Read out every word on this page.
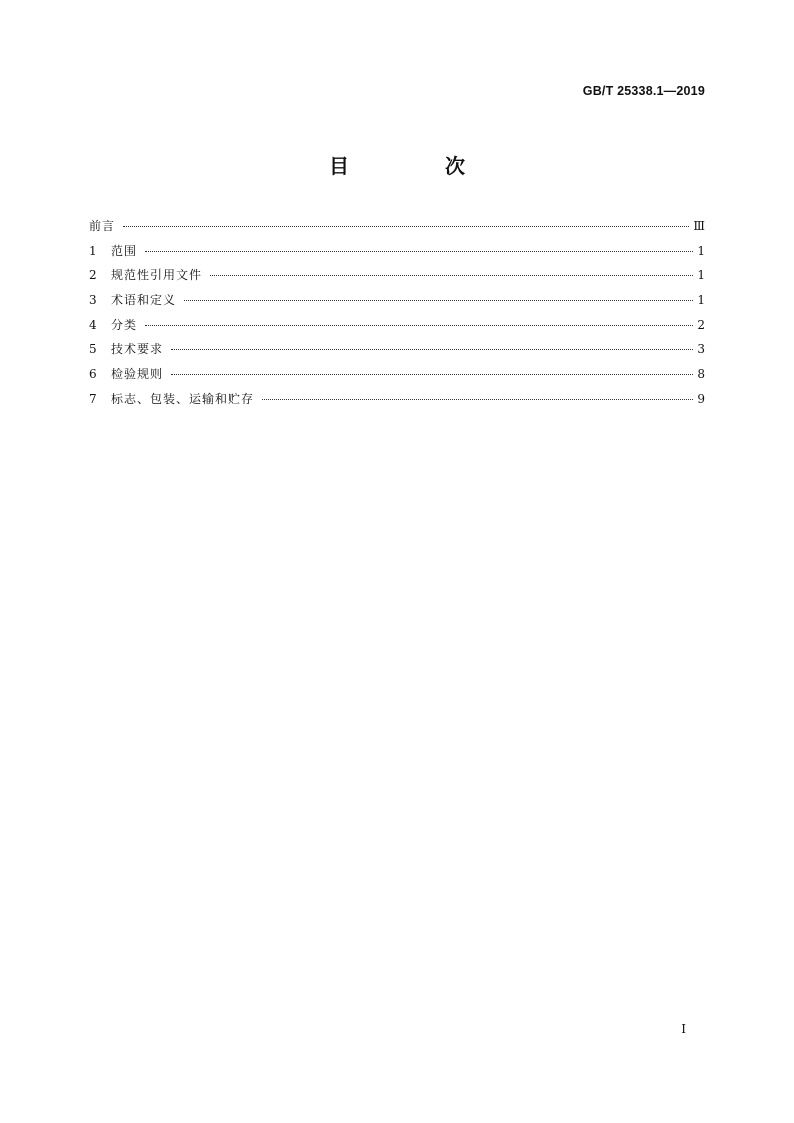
GB/T 25338.1—2019
目　次
前言	Ⅲ
1	范围	1
2	规范性引用文件	1
3	术语和定义	1
4	分类	2
5	技术要求	3
6	检验规则	8
7	标志、包装、运输和贮存	9
I
